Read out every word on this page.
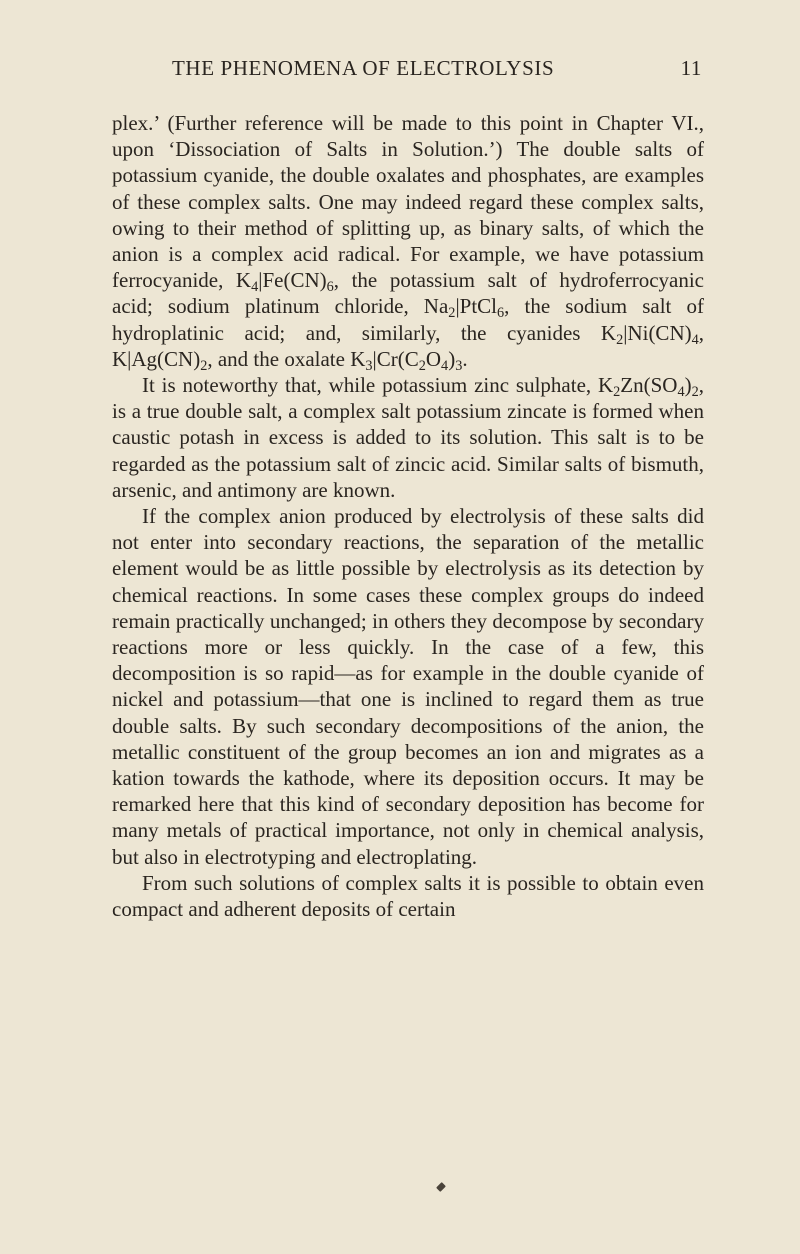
THE PHENOMENA OF ELECTROLYSIS	11

plex.’ (Further reference will be made to this point in Chapter VI., upon ‘Dissociation of Salts in Solution.’) The double salts of potassium cyanide, the double oxalates and phosphates, are examples of these complex salts. One may indeed regard these complex salts, owing to their method of splitting up, as binary salts, of which the anion is a complex acid radical. For example, we have potassium ferrocyanide, $K_4|Fe(CN)_6$, the potassium salt of hydroferrocyanic acid; sodium platinum chloride, $Na_2|PtCl_6$, the sodium salt of hydroplatinic acid; and, similarly, the cyanides $K_2|Ni(CN)_4$, $K|Ag(CN)_2$, and the oxalate $K_3|Cr(C_2O_4)_3$.

It is noteworthy that, while potassium zinc sulphate, $K_2Zn(SO_4)_2$, is a true double salt, a complex salt potassium zincate is formed when caustic potash in excess is added to its solution. This salt is to be regarded as the potassium salt of zincic acid. Similar salts of bismuth, arsenic, and antimony are known.

If the complex anion produced by electrolysis of these salts did not enter into secondary reactions, the separation of the metallic element would be as little possible by electrolysis as its detection by chemical reactions. In some cases these complex groups do indeed remain practically unchanged; in others they decompose by secondary reactions more or less quickly. In the case of a few, this decomposition is so rapid—as for example in the double cyanide of nickel and potassium—that one is inclined to regard them as true double salts. By such secondary decompositions of the anion, the metallic constituent of the group becomes an ion and migrates as a kation towards the kathode, where its deposition occurs. It may be remarked here that this kind of secondary deposition has become for many metals of practical importance, not only in chemical analysis, but also in electrotyping and electroplating.

From such solutions of complex salts it is possible to obtain even compact and adherent deposits of certain
